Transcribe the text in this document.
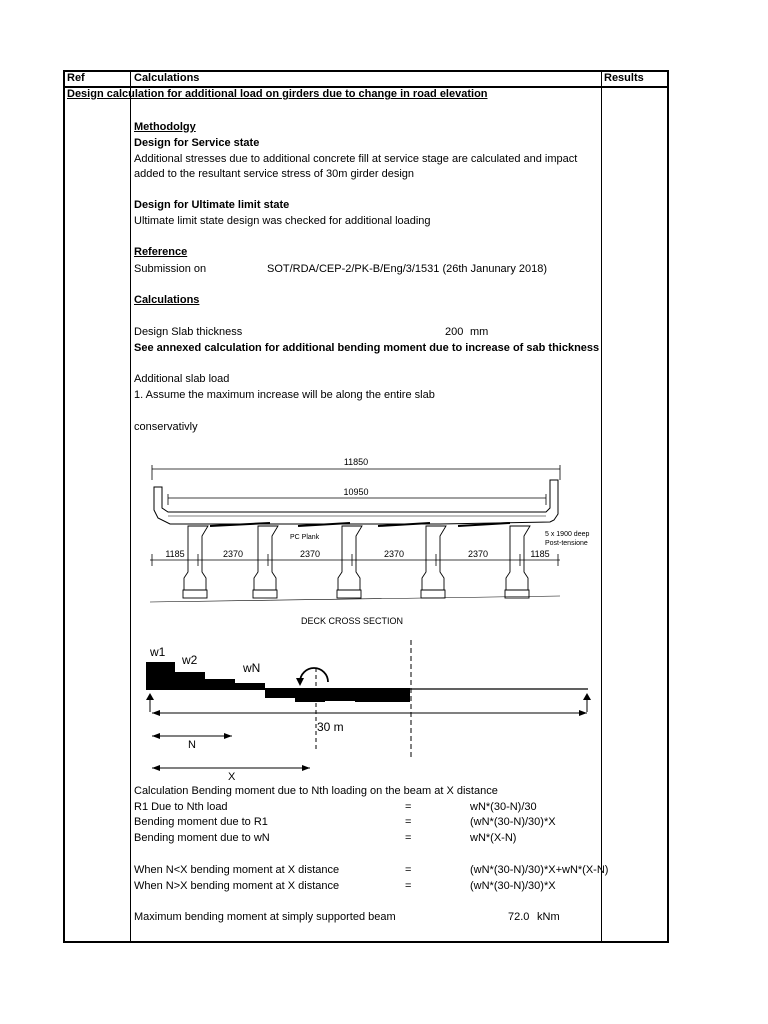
Ref	Calculations	Results
Design calculation for additional load on girders due to change in road elevation
Methodolgy
Design for Service state
Additional stresses due to additional concrete fill at service stage are calculated and impact
added to the resultant service stress of 30m girder design
Design for Ultimate limit state
Ultimate limit state design was checked for additional loading
Reference
Submission on	SOT/RDA/CEP-2/PK-B/Eng/3/1531 (26th Janunary 2018)
Calculations
Design Slab thickness	200 mm
See annexed calculation for additional bending moment due to increase of sab thickness
Additional slab load
1. Assume the maximum increase will be along the entire slab
conservativly
11850
10950
PC Plank	5 x 1900 deep
Post-tensione
1185	2370	2370	2370	2370	1185
DECK CROSS SECTION
w1
w2
wN
30 m
N
X
Calculation Bending moment due to Nth loading on the beam at X distance
R1 Due to Nth load	=	wN*(30-N)/30
Bending moment due to R1	=	(wN*(30-N)/30)*X
Bending moment due to wN	=	wN*(X-N)
When N<X bending moment at X distance	=	(wN*(30-N)/30)*X+wN*(X-N)
When N>X bending moment at X distance	=	(wN*(30-N)/30)*X
Maximum bending moment at simply supported beam	72.0 kNm
